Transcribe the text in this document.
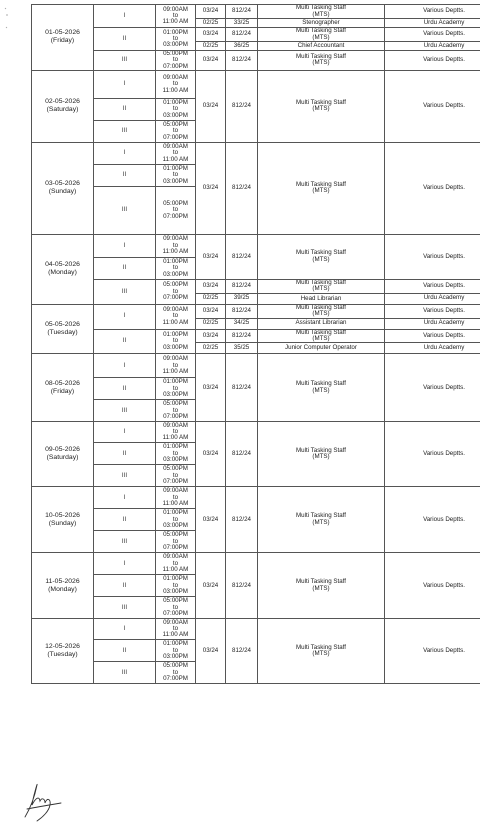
01-05-2026
(Friday)	I	09:00AM
to
11:00 AM	03/24	812/24	Multi Tasking Staff
(MTS)	Various Deptts.
			02/25	33/25	Stenographer	Urdu Academy
	II	01:00PM
to
03:00PM	03/24	812/24	Multi Tasking Staff
(MTS)	Various Deptts.
			02/25	36/25	Chief Accountant	Urdu Academy
	III	05:00PM
to
07:00PM	03/24	812/24	Multi Tasking Staff
(MTS)	Various Deptts.
02-05-2026
(Saturday)	I	09:00AM
to
11:00 AM	03/24	812/24	Multi Tasking Staff
(MTS)	Various Deptts.
	II	01:00PM
to
03:00PM				
	III	05:00PM
to
07:00PM				
03-05-2026
(Sunday)	I	09:00AM
to
11:00 AM	03/24	812/24	Multi Tasking Staff
(MTS)	Various Deptts.
	II	01:00PM
to
03:00PM				
	III	05:00PM
to
07:00PM				
04-05-2026
(Monday)	I	09:00AM
to
11:00 AM	03/24	812/24	Multi Tasking Staff
(MTS)	Various Deptts.
	II	01:00PM
to
03:00PM				
	III	05:00PM
to
07:00PM	03/24	812/24	Multi Tasking Staff
(MTS)	Various Deptts.
			02/25	39/25	Head Librarian	Urdu Academy
05-05-2026
(Tuesday)	I	09:00AM
to
11:00 AM	03/24	812/24	Multi Tasking Staff
(MTS)	Various Deptts.
			02/25	34/25	Assistant Librarian	Urdu Academy
	II	01:00PM
to
03:00PM	03/24	812/24	Multi Tasking Staff
(MTS)	Various Deptts.
			02/25	35/25	Junior Computer Operator	Urdu Academy
08-05-2026
(Friday)	I	09:00AM
to
11:00 AM	03/24	812/24	Multi Tasking Staff
(MTS)	Various Deptts.
	II	01:00PM
to
03:00PM				
	III	05:00PM
to
07:00PM				
09-05-2026
(Saturday)	I	09:00AM
to
11:00 AM	03/24	812/24	Multi Tasking Staff
(MTS)	Various Deptts.
	II	01:00PM
to
03:00PM				
	III	05:00PM
to
07:00PM				
10-05-2026
(Sunday)	I	09:00AM
to
11:00 AM	03/24	812/24	Multi Tasking Staff
(MTS)	Various Deptts.
	II	01:00PM
to
03:00PM				
	III	05:00PM
to
07:00PM				
11-05-2026
(Monday)	I	09:00AM
to
11:00 AM	03/24	812/24	Multi Tasking Staff
(MTS)	Various Deptts.
	II	01:00PM
to
03:00PM				
	III	05:00PM
to
07:00PM				
12-05-2026
(Tuesday)	I	09:00AM
to
11:00 AM	03/24	812/24	Multi Tasking Staff
(MTS)	Various Deptts.
	II	01:00PM
to
03:00PM				
	III	05:00PM
to
07:00PM				
